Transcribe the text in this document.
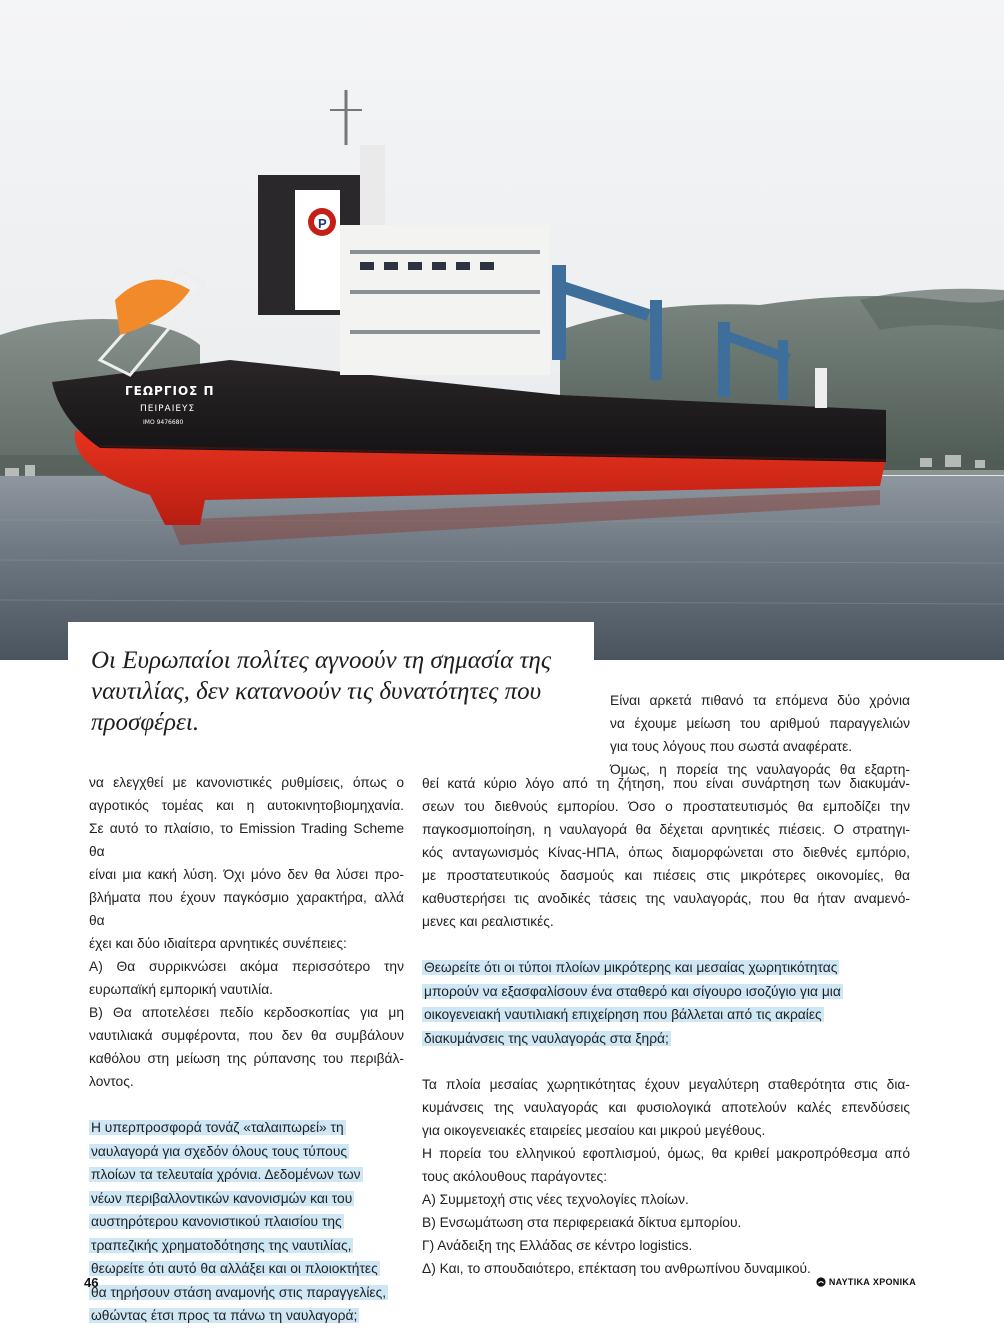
P
ΓΕΩΡΓΙΟΣ Π
ΠΕΙΡΑΙΕΥΣ
IMO 9476680
Οι Ευρωπαίοι πολίτες αγνοούν τη σημασία της ναυτιλίας, δεν κατανοούν τις δυνατότητες που προσφέρει.

Είναι αρκετά πιθανό τα επόμενα δύο χρόνια

να έχουμε μείωση του αριθμού παραγγελιών

για τους λόγους που σωστά αναφέρατε.

Όμως, η πορεία της ναυλαγοράς θα εξαρτη-

να ελεγχθεί με κανονιστικές ρυθμίσεις, όπως ο

αγροτικός τομέας και η αυτοκινητοβιομηχανία.

Σε αυτό το πλαίσιο, το Emission Trading Scheme θα

είναι μια κακή λύση. Όχι μόνο δεν θα λύσει προ-

βλήματα που έχουν παγκόσμιο χαρακτήρα, αλλά θα

έχει και δύο ιδιαίτερα αρνητικές συνέπειες:

Α) Θα συρρικνώσει ακόμα περισσότερο την

ευρωπαϊκή εμπορική ναυτιλία.

Β) Θα αποτελέσει πεδίο κερδοσκοπίας για μη

ναυτιλιακά συμφέροντα, που δεν θα συμβάλουν

καθόλου στη μείωση της ρύπανσης του περιβάλ-

λοντος.

Η υπερπροσφορά τονάζ «ταλαιπωρεί» τη
ναυλαγορά για σχεδόν όλους τους τύπους
πλοίων τα τελευταία χρόνια. Δεδομένων των
νέων περιβαλλοντικών κανονισμών και του
αυστηρότερου κανονιστικού πλαισίου της
τραπεζικής χρηματοδότησης της ναυτιλίας,
θεωρείτε ότι αυτό θα αλλάξει και οι πλοιοκτήτες
θα τηρήσουν στάση αναμονής στις παραγγελίες,
ωθώντας έτσι προς τα πάνω τη ναυλαγορά;

θεί κατά κύριο λόγο από τη ζήτηση, που είναι συνάρτηση των διακυμάν-

σεων του διεθνούς εμπορίου. Όσο ο προστατευτισμός θα εμποδίζει την

παγκοσμιοποίηση, η ναυλαγορά θα δέχεται αρνητικές πιέσεις. Ο στρατηγι-

κός ανταγωνισμός Κίνας-ΗΠΑ, όπως διαμορφώνεται στο διεθνές εμπόριο,

με προστατευτικούς δασμούς και πιέσεις στις μικρότερες οικονομίες, θα

καθυστερήσει τις ανοδικές τάσεις της ναυλαγοράς, που θα ήταν αναμενό-

μενες και ρεαλιστικές.

Θεωρείτε ότι οι τύποι πλοίων μικρότερης και μεσαίας χωρητικότητας
μπορούν να εξασφαλίσουν ένα σταθερό και σίγουρο ισοζύγιο για μια
οικογενειακή ναυτιλιακή επιχείρηση που βάλλεται από τις ακραίες
διακυμάνσεις της ναυλαγοράς στα ξηρά;

Τα πλοία μεσαίας χωρητικότητας έχουν μεγαλύτερη σταθερότητα στις δια-

κυμάνσεις της ναυλαγοράς και φυσιολογικά αποτελούν καλές επενδύσεις

για οικογενειακές εταιρείες μεσαίου και μικρού μεγέθους.

Η πορεία του ελληνικού εφοπλισμού, όμως, θα κριθεί μακροπρόθεσμα από

τους ακόλουθους παράγοντες:

Α) Συμμετοχή στις νέες τεχνολογίες πλοίων.

Β) Ενσωμάτωση στα περιφερειακά δίκτυα εμπορίου.

Γ) Ανάδειξη της Ελλάδας σε κέντρο logistics.

Δ) Και, το σπουδαιότερο, επέκταση του ανθρωπίνου δυναμικού.

46	ΝΑΥΤΙΚΑ ΧΡΟΝΙΚΑ
